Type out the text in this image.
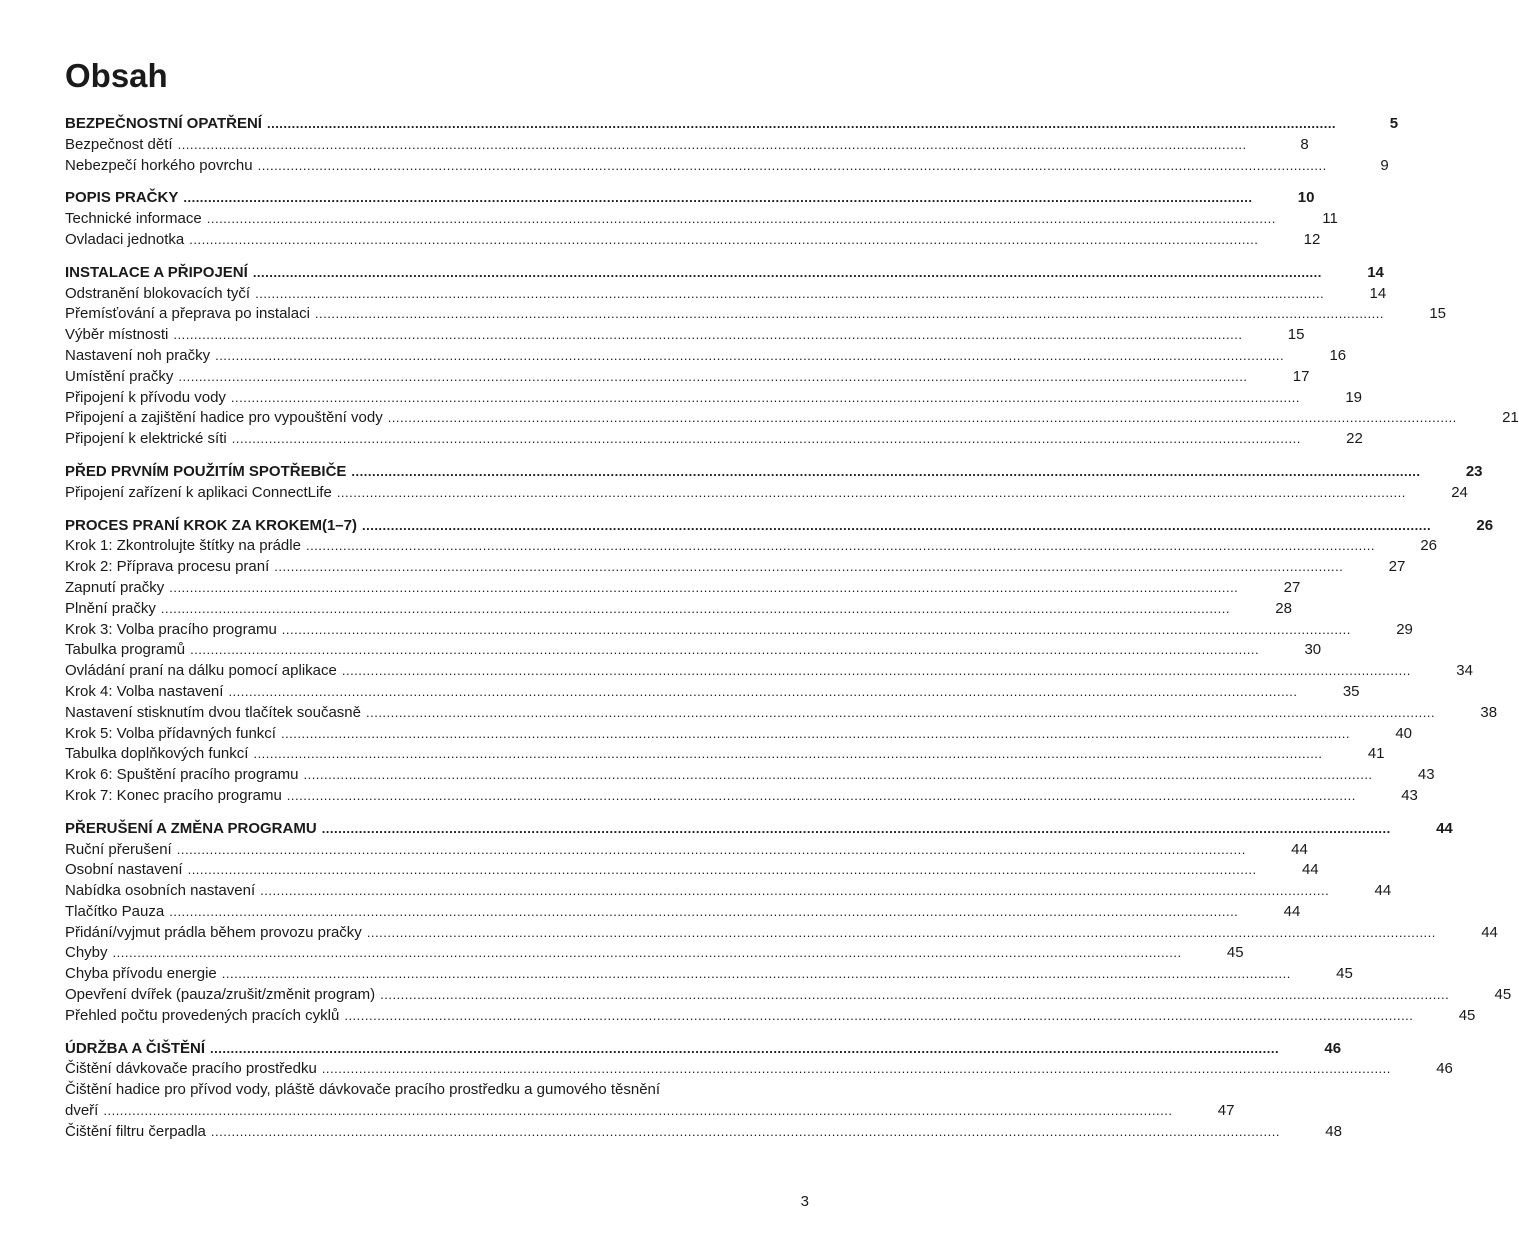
Obsah
BEZPEČNOSTNÍ OPATŘENÍ .....	5
Bezpečnost dětí .....	8
Nebezpečí horkého povrchu .....	9
POPIS PRAČKY .....	10
Technické informace .....	11
Ovladaci jednotka .....	12
INSTALACE A PŘIPOJENÍ .....	14
Odstranění blokovacích tyčí .....	14
Přemísťování a přeprava po instalaci .....	15
Výběr místnosti .....	15
Nastavení noh pračky .....	16
Umístění pračky .....	17
Připojení k přívodu vody .....	19
Připojení a zajištění hadice pro vypouštění vody .....	21
Připojení k elektrické síti .....	22
PŘED PRVNÍM POUŽITÍM SPOTŘEBIČE .....	23
Připojení zařízení k aplikaci ConnectLife .....	24
PROCES PRANÍ KROK ZA KROKEM(1–7) .....	26
Krok 1: Zkontrolujte štítky na prádle .....	26
Krok 2: Příprava procesu praní .....	27
Zapnutí pračky .....	27
Plnění pračky .....	28
Krok 3: Volba pracího programu .....	29
Tabulka programů .....	30
Ovládání praní na dálku pomocí aplikace .....	34
Krok 4: Volba nastavení .....	35
Nastavení stisknutím dvou tlačítek současně .....	38
Krok 5: Volba přídavných funkcí .....	40
Tabulka doplňkových funkcí .....	41
Krok 6: Spuštění pracího programu .....	43
Krok 7: Konec pracího programu .....	43
PŘERUŠENÍ A ZMĚNA PROGRAMU .....	44
Ruční přerušení .....	44
Osobní nastavení .....	44
Nabídka osobních nastavení .....	44
Tlačítko Pauza .....	44
Přidání/vyjmut prádla během provozu pračky .....	44
Chyby .....	45
Chyba přívodu energie .....	45
Opevření dvířek (pauza/zrušit/změnit program) .....	45
Přehled počtu provedených pracích cyklů .....	45
ÚDRŽBA A ČIŠTĚNÍ .....	46
Čištění dávkovače pracího prostředku .....	46
Čištění hadice pro přívod vody, pláště dávkovače pracího prostředku a gumového těsnění
dveří .....	47
Čištění filtru čerpadla .....	48
3
